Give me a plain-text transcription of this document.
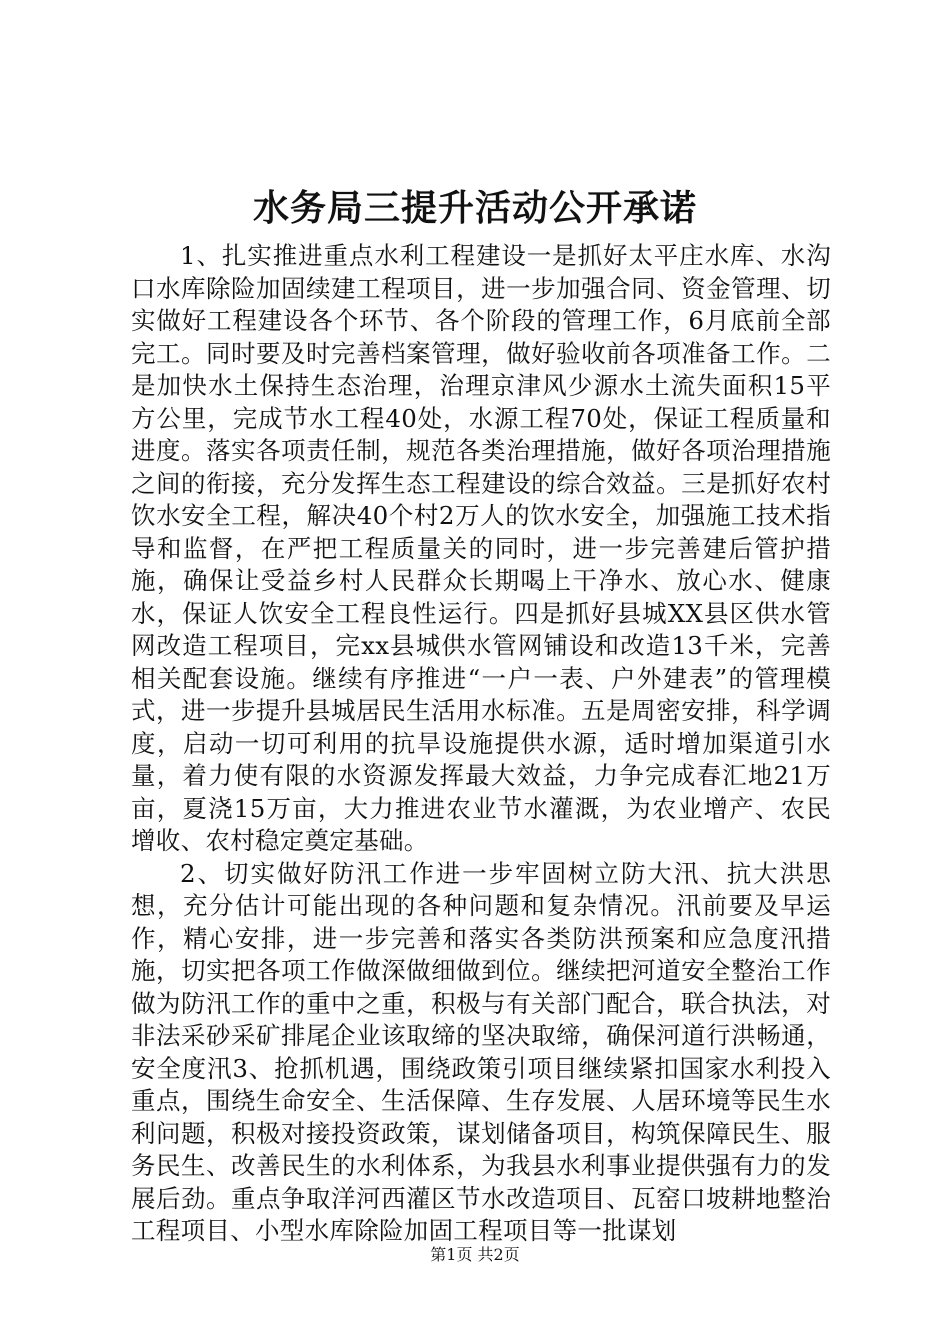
水务局三提升活动公开承诺

1、扎实推进重点水利工程建设一是抓好太平庄水库、水沟口水库除险加固续建工程项目，进一步加强合同、资金管理、切实做好工程建设各个环节、各个阶段的管理工作，6月底前全部完工。同时要及时完善档案管理，做好验收前各项准备工作。二是加快水土保持生态治理，治理京津风少源水土流失面积15平方公里，完成节水工程40处，水源工程70处，保证工程质量和进度。落实各项责任制，规范各类治理措施，做好各项治理措施之间的衔接，充分发挥生态工程建设的综合效益。三是抓好农村饮水安全工程，解决40个村2万人的饮水安全，加强施工技术指导和监督，在严把工程质量关的同时，进一步完善建后管护措施，确保让受益乡村人民群众长期喝上干净水、放心水、健康水，保证人饮安全工程良性运行。四是抓好县城XX县区供水管网改造工程项目，完xx县城供水管网铺设和改造13千米，完善相关配套设施。继续有序推进“一户一表、户外建表”的管理模式，进一步提升县城居民生活用水标准。五是周密安排，科学调度，启动一切可利用的抗旱设施提供水源，适时增加渠道引水量，着力使有限的水资源发挥最大效益，力争完成春汇地21万亩，夏浇15万亩，大力推进农业节水灌溉，为农业增产、农民增收、农村稳定奠定基础。

2、切实做好防汛工作进一步牢固树立防大汛、抗大洪思想，充分估计可能出现的各种问题和复杂情况。汛前要及早运作，精心安排，进一步完善和落实各类防洪预案和应急度汛措施，切实把各项工作做深做细做到位。继续把河道安全整治工作做为防汛工作的重中之重，积极与有关部门配合，联合执法，对非法采砂采矿排尾企业该取缔的坚决取缔，确保河道行洪畅通，安全度汛3、抢抓机遇，围绕政策引项目继续紧扣国家水利投入重点，围绕生命安全、生活保障、生存发展、人居环境等民生水利问题，积极对接投资政策，谋划储备项目，构筑保障民生、服务民生、改善民生的水利体系，为我县水利事业提供强有力的发展后劲。重点争取洋河西灌区节水改造项目、瓦窑口坡耕地整治工程项目、小型水库除险加固工程项目等一批谋划

第1页 共2页
